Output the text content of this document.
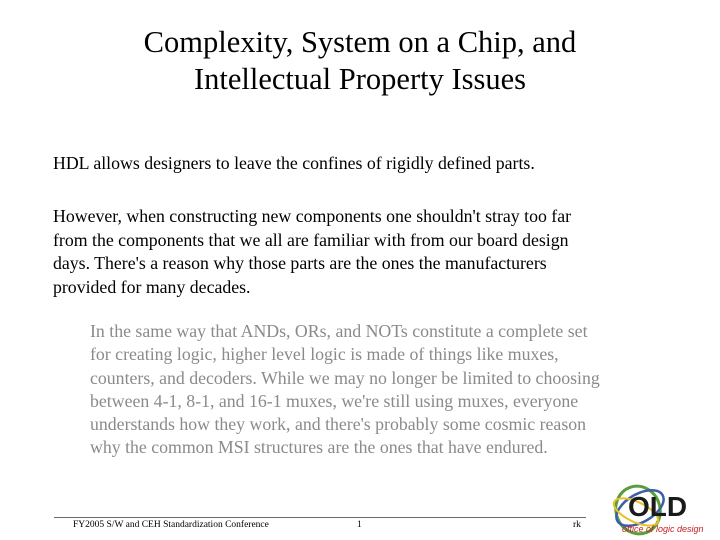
Complexity, System on a Chip, and
Intellectual Property Issues
HDL allows designers to leave the confines of rigidly defined parts.
However, when constructing new components one shouldn't stray too far
from the components that we all are familiar with from our board design
days. There's a reason why those parts are the ones the manufacturers
provided for many decades.
In the same way that ANDs, ORs, and NOTs constitute a complete set
for creating logic, higher level logic is made of things like muxes,
counters, and decoders. While we may no longer be limited to choosing
between 4-1, 8-1, and 16-1 muxes, we're still using muxes, everyone
understands how they work, and there's probably some cosmic reason
why the common MSI structures are the ones that have endured.
FY2005 S/W and CEH Standardization Conference	1	rk
OLD
office of logic design
